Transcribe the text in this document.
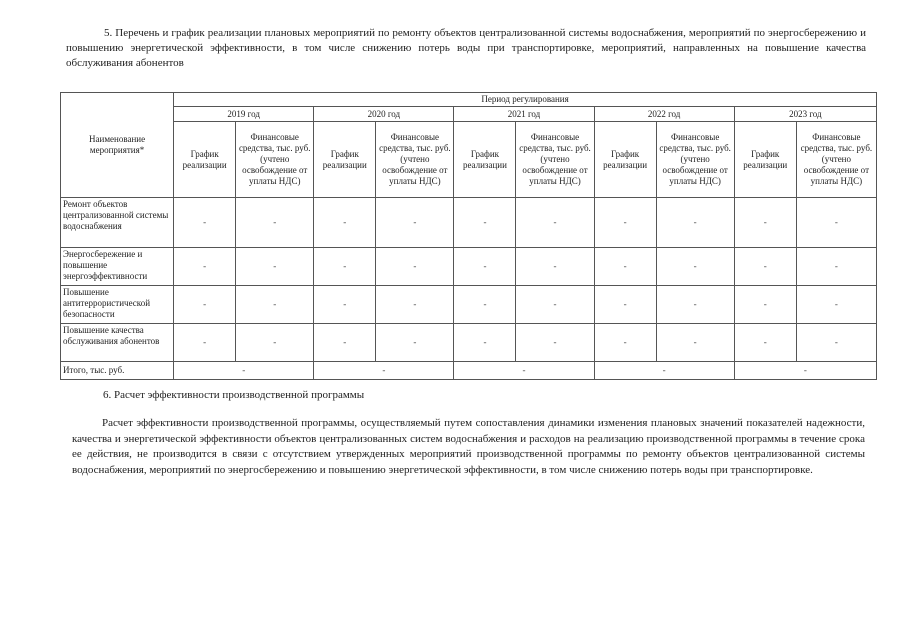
5. Перечень и график реализации плановых мероприятий по ремонту объектов централизованной системы водоснабжения, мероприятий по энергосбережению и повышению энергетической эффективности, в том числе снижению потерь воды при транспортировке, мероприятий, направленных на повышение качества обслуживания абонентов
Наименование мероприятия*	Период регулирования									
	2019 год		2020 год		2021 год		2022 год		2023 год	
	График реализации	Финансовые средства, тыс. руб. (учтено освобождение от уплаты НДС)	График реализации	Финансовые средства, тыс. руб. (учтено освобождение от уплаты НДС)	График реализации	Финансовые средства, тыс. руб. (учтено освобождение от уплаты НДС)	График реализации	Финансовые средства, тыс. руб. (учтено освобождение от уплаты НДС)	График реализации	Финансовые средства, тыс. руб. (учтено освобождение от уплаты НДС)
Ремонт объектов централизованной системы водоснабжения	-	-	-	-	-	-	-	-	-	-
Энергосбережение и повышение энергоэффективности	-	-	-	-	-	-	-	-	-	-
Повышение антитеррористической безопасности	-	-	-	-	-	-	-	-	-	-
Повышение качества обслуживания абонентов	-	-	-	-	-	-	-	-	-	-
Итого, тыс. руб.	-		-		-		-		-	
6. Расчет эффективности производственной программы
Расчет эффективности производственной программы, осуществляемый путем сопоставления динамики изменения плановых значений показателей надежности, качества и энергетической эффективности объектов централизованных систем водоснабжения и расходов на реализацию производственной программы в течение срока ее действия, не производится в связи с отсутствием утвержденных мероприятий производственной программы по ремонту объектов централизованной системы водоснабжения, мероприятий по энергосбережению и повышению энергетической эффективности, в том числе снижению потерь воды при транспортировке.
